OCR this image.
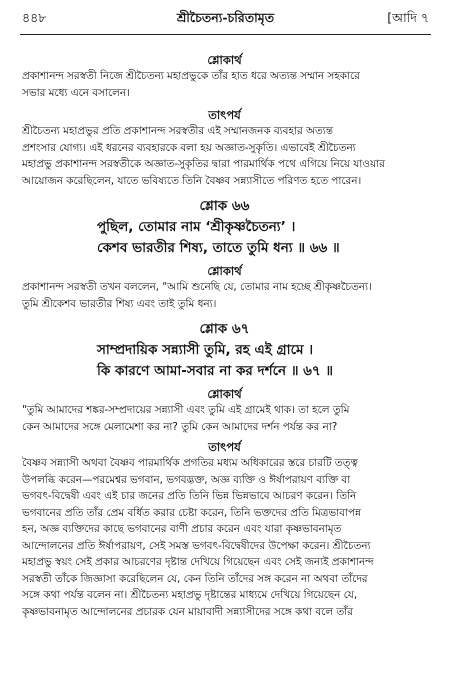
৪৪৮	শ্রীচৈতন্য-চরিতামৃত	[আদি ৭

শ্লোকার্থ

প্রকাশানন্দ সরস্বতী নিজে শ্রীচৈতন্য মহাপ্রভুকে তাঁর হাত ধরে অত্যন্ত সম্মান সহকারে
সভার মধ্যে এনে বসালেন।

তাৎপর্য

শ্রীচৈতন্য মহাপ্রভুর প্রতি প্রকাশানন্দ সরস্বতীর এই সম্মানজনক ব্যবহার অত্যন্ত
প্রশংসার যোগ্য। এই ধরনের ব্যবহারকে বলা হয় অজ্ঞাত-সুকৃতি। এভাবেই শ্রীচৈতন্য
মহাপ্রভু প্রকাশানন্দ সরস্বতীকে অজ্ঞাত-সুকৃতির দ্বারা পারমার্থিক পথে এগিয়ে নিয়ে যাওয়ার
আয়োজন করেছিলেন, যাতে ভবিষ্যতে তিনি বৈষ্ণব সন্ন্যাসীতে পরিণত হতে পারেন।

শ্লোক ৬৬

পুছিল, তোমার নাম ‘শ্রীকৃষ্ণচৈতন্য’ ।
কেশব ভারতীর শিষ্য, তাতে তুমি ধন্য ॥ ৬৬ ॥

শ্লোকার্থ

প্রকাশানন্দ সরস্বতী তখন বললেন, "আমি শুনেছি যে, তোমার নাম হচ্ছে শ্রীকৃষ্ণচৈতন্য।
তুমি শ্রীকেশব ভারতীর শিষ্য এবং তাই তুমি ধন্য।

শ্লোক ৬৭

সাম্প্রদায়িক সন্ন্যাসী তুমি, রহ এই গ্রামে ।
কি কারণে আমা-সবার না কর দর্শনে ॥ ৬৭ ॥

শ্লোকার্থ

"তুমি আমাদের শঙ্কর-সম্প্রদায়ের সন্ন্যাসী এবং তুমি এই গ্রামেই থাক। তা হলে তুমি
কেন আমাদের সঙ্গে মেলামেশা কর না? তুমি কেন আমাদের দর্শন পর্যন্ত কর না?

তাৎপর্য

বৈষ্ণব সন্ন্যাসী অথবা বৈষ্ণব পারমার্থিক প্রগতির মধ্যম অধিকারের স্তরে চারটি তত্ত্ব
উপলব্ধি করেন—পরমেশ্বর ভগবান, ভগবদ্ভক্ত, অজ্ঞ ব্যক্তি ও ঈর্ষাপরায়ণ ব্যক্তি বা
ভগবৎ-বিদ্বেষী এবং এই চার জনের প্রতি তিনি ভিন্ন ভিন্নভাবে আচরণ করেন। তিনি
ভগবানের প্রতি তাঁর প্রেম বর্ধিত করার চেষ্টা করেন, তিনি ভক্তদের প্রতি মিত্রভাবাপন্ন
হন, অজ্ঞ ব্যক্তিদের কাছে ভগবানের বাণী প্রচার করেন এবং যারা কৃষ্ণভাবনামৃত
আন্দোলনের প্রতি ঈর্ষাপরায়ণ, সেই সমস্ত ভগবৎ-বিদ্বেষীদের উপেক্ষা করেন। শ্রীচৈতন্য
মহাপ্রভু স্বয়ং সেই প্রকার আচরণের দৃষ্টান্ত দেখিয়ে গিয়েছেন এবং সেই জন্যই প্রকাশানন্দ
সরস্বতী তাঁকে জিজ্ঞাসা করেছিলেন যে, কেন তিনি তাঁদের সঙ্গ করেন না অথবা তাঁদের
সঙ্গে কথা পর্যন্ত বলেন না। শ্রীচৈতন্য মহাপ্রভু দৃষ্টান্তের মাধ্যমে দেখিয়ে গিয়েছেন যে,
কৃষ্ণভাবনামৃত আন্দোলনের প্রচারক যেন মায়াবাদী সন্ন্যাসীদের সঙ্গে কথা বলে তাঁর
